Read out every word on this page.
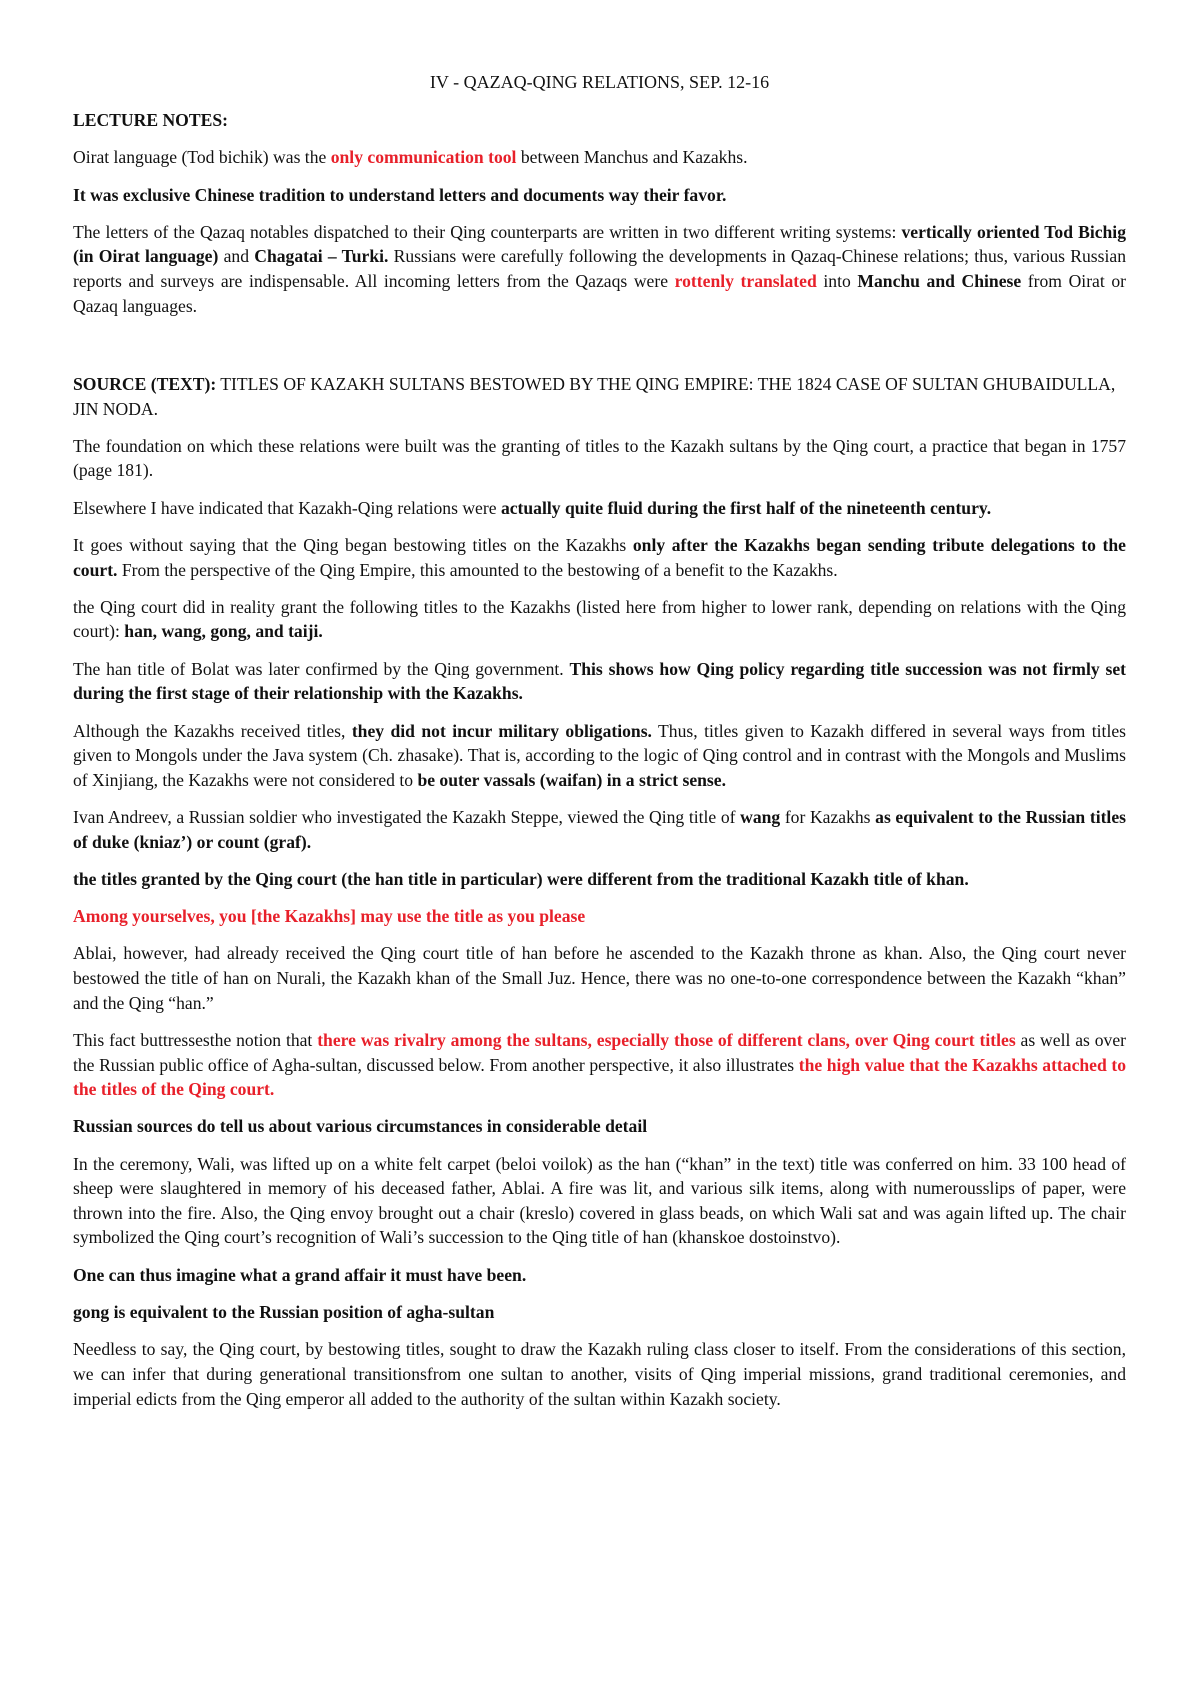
IV - QAZAQ-QING RELATIONS, SEP. 12-16

LECTURE NOTES:

Oirat language (Tod bichik) was the only communication tool between Manchus and Kazakhs.

It was exclusive Chinese tradition to understand letters and documents way their favor.

The letters of the Qazaq notables dispatched to their Qing counterparts are written in two different writing systems: vertically oriented Tod Bichig (in Oirat language) and Chagatai – Turki. Russians were carefully following the developments in Qazaq-Chinese relations; thus, various Russian reports and surveys are indispensable. All incoming letters from the Qazaqs were rottenly translated into Manchu and Chinese from Oirat or Qazaq languages.

SOURCE (TEXT): TITLES OF KAZAKH SULTANS BESTOWED BY THE QING EMPIRE: THE 1824 CASE OF SULTAN GHUBAIDULLA, JIN NODA.

The foundation on which these relations were built was the granting of titles to the Kazakh sultans by the Qing court, a practice that began in 1757 (page 181).

Elsewhere I have indicated that Kazakh-Qing relations were actually quite fluid during the first half of the nineteenth century.

It goes without saying that the Qing began bestowing titles on the Kazakhs only after the Kazakhs began sending tribute delegations to the court. From the perspective of the Qing Empire, this amounted to the bestowing of a benefit to the Kazakhs.

the Qing court did in reality grant the following titles to the Kazakhs (listed here from higher to lower rank, depending on relations with the Qing court): han, wang, gong, and taiji.

The han title of Bolat was later confirmed by the Qing government. This shows how Qing policy regarding title succession was not firmly set during the first stage of their relationship with the Kazakhs.

Although the Kazakhs received titles, they did not incur military obligations. Thus, titles given to Kazakh differed in several ways from titles given to Mongols under the Java system (Ch. zhasake). That is, according to the logic of Qing control and in contrast with the Mongols and Muslims of Xinjiang, the Kazakhs were not considered to be outer vassals (waifan) in a strict sense.

Ivan Andreev, a Russian soldier who investigated the Kazakh Steppe, viewed the Qing title of wang for Kazakhs as equivalent to the Russian titles of duke (kniaz’) or count (graf).

the titles granted by the Qing court (the han title in particular) were different from the traditional Kazakh title of khan.

Among yourselves, you [the Kazakhs] may use the title as you please

Ablai, however, had already received the Qing court title of han before he ascended to the Kazakh throne as khan. Also, the Qing court never bestowed the title of han on Nurali, the Kazakh khan of the Small Juz. Hence, there was no one-to-one correspondence between the Kazakh “khan” and the Qing “han.”

This fact buttressesthe notion that there was rivalry among the sultans, especially those of different clans, over Qing court titles as well as over the Russian public office of Agha-sultan, discussed below. From another perspective, it also illustrates the high value that the Kazakhs attached to the titles of the Qing court.

Russian sources do tell us about various circumstances in considerable detail

In the ceremony, Wali, was lifted up on a white felt carpet (beloi voilok) as the han (“khan” in the text) title was conferred on him. 33 100 head of sheep were slaughtered in memory of his deceased father, Ablai. A fire was lit, and various silk items, along with numerousslips of paper, were thrown into the fire. Also, the Qing envoy brought out a chair (kreslo) covered in glass beads, on which Wali sat and was again lifted up. The chair symbolized the Qing court’s recognition of Wali’s succession to the Qing title of han (khanskoe dostoinstvo).

One can thus imagine what a grand affair it must have been.

gong is equivalent to the Russian position of agha-sultan

Needless to say, the Qing court, by bestowing titles, sought to draw the Kazakh ruling class closer to itself. From the considerations of this section, we can infer that during generational transitionsfrom one sultan to another, visits of Qing imperial missions, grand traditional ceremonies, and imperial edicts from the Qing emperor all added to the authority of the sultan within Kazakh society.
